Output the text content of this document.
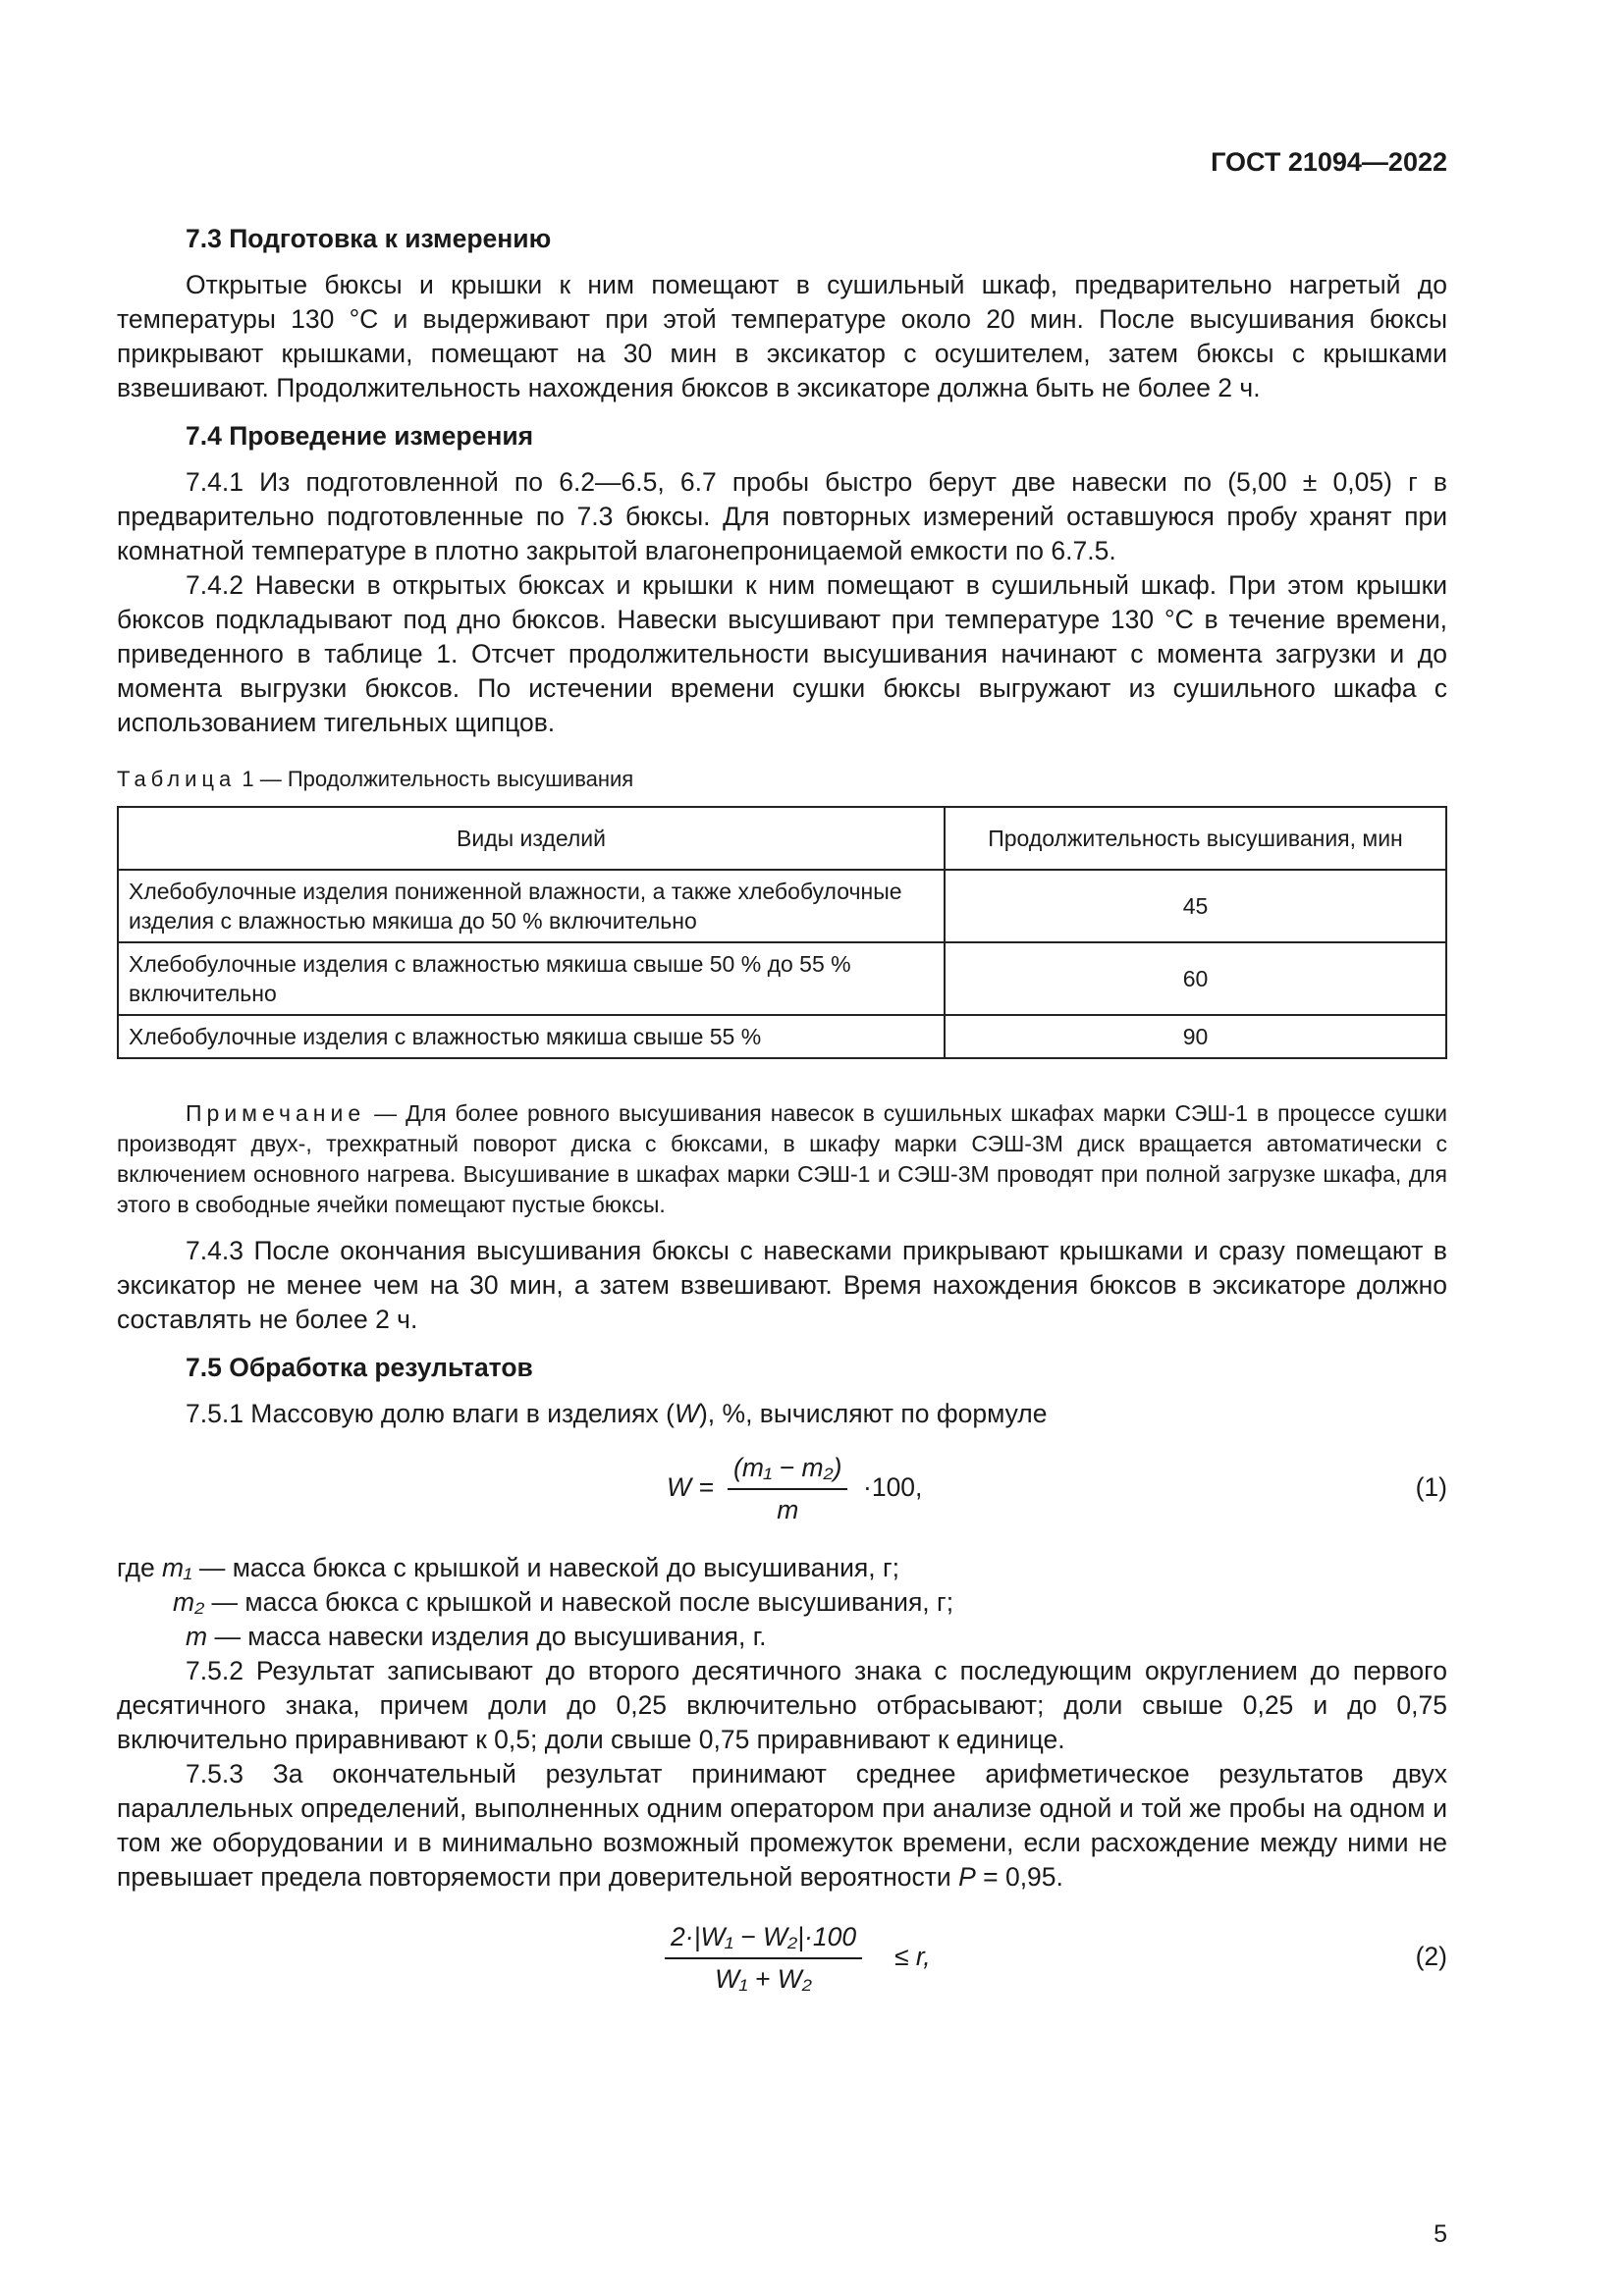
ГОСТ 21094—2022
7.3 Подготовка к измерению

Открытые бюксы и крышки к ним помещают в сушильный шкаф, предварительно нагретый до температуры 130 °С и выдерживают при этой температуре около 20 мин. После высушивания бюксы прикрывают крышками, помещают на 30 мин в эксикатор с осушителем, затем бюксы с крышками взвешивают. Продолжительность нахождения бюксов в эксикаторе должна быть не более 2 ч.

7.4 Проведение измерения

7.4.1 Из подготовленной по 6.2—6.5, 6.7 пробы быстро берут две навески по (5,00 ± 0,05) г в предварительно подготовленные по 7.3 бюксы. Для повторных измерений оставшуюся пробу хранят при комнатной температуре в плотно закрытой влагонепроницаемой емкости по 6.7.5.

7.4.2 Навески в открытых бюксах и крышки к ним помещают в сушильный шкаф. При этом крышки бюксов подкладывают под дно бюксов. Навески высушивают при температуре 130 °С в течение времени, приведенного в таблице 1. Отсчет продолжительности высушивания начинают с момента загрузки и до момента выгрузки бюксов. По истечении времени сушки бюксы выгружают из сушильного шкафа с использованием тигельных щипцов.

Таблица 1 — Продолжительность высушивания
Виды изделий	Продолжительность высушивания, мин
Хлебобулочные изделия пониженной влажности, а также хлебобулочные изделия с влажностью мякиша до 50 % включительно	45
Хлебобулочные изделия с влажностью мякиша свыше 50 % до 55 % включительно	60
Хлебобулочные изделия с влажностью мякиша свыше 55 %	90
Примечание — Для более ровного высушивания навесок в сушильных шкафах марки СЭШ-1 в процессе сушки производят двух-, трехкратный поворот диска с бюксами, в шкафу марки СЭШ-3М диск вращается автоматически с включением основного нагрева. Высушивание в шкафах марки СЭШ-1 и СЭШ-3М проводят при полной загрузке шкафа, для этого в свободные ячейки помещают пустые бюксы.

7.4.3 После окончания высушивания бюксы с навесками прикрывают крышками и сразу помещают в эксикатор не менее чем на 30 мин, а затем взвешивают. Время нахождения бюксов в эксикаторе должно составлять не более 2 ч.

7.5 Обработка результатов

7.5.1 Массовую долю влаги в изделиях (W), %, вычисляют по формуле

$W = \frac{\text{(m₁ − m₂)}}{m} \cdot 100$,	(1)
где m₁ — масса бюкса с крышкой и навеской до высушивания, г;
m₂ — масса бюкса с крышкой и навеской после высушивания, г;
m — масса навески изделия до высушивания, г.

7.5.2 Результат записывают до второго десятичного знака с последующим округлением до первого десятичного знака, причем доли до 0,25 включительно отбрасывают; доли свыше 0,25 и до 0,75 включительно приравнивают к 0,5; доли свыше 0,75 приравнивают к единице.

7.5.3 За окончательный результат принимают среднее арифметическое результатов двух параллельных определений, выполненных одним оператором при анализе одной и той же пробы на одном и том же оборудовании и в минимально возможный промежуток времени, если расхождение между ними не превышает предела повторяемости при доверительной вероятности P = 0,95.

$\frac{\text{2·|W₁ − W₂|·100}}{\text{W₁ + W₂}} \le r$,	(2)
5
